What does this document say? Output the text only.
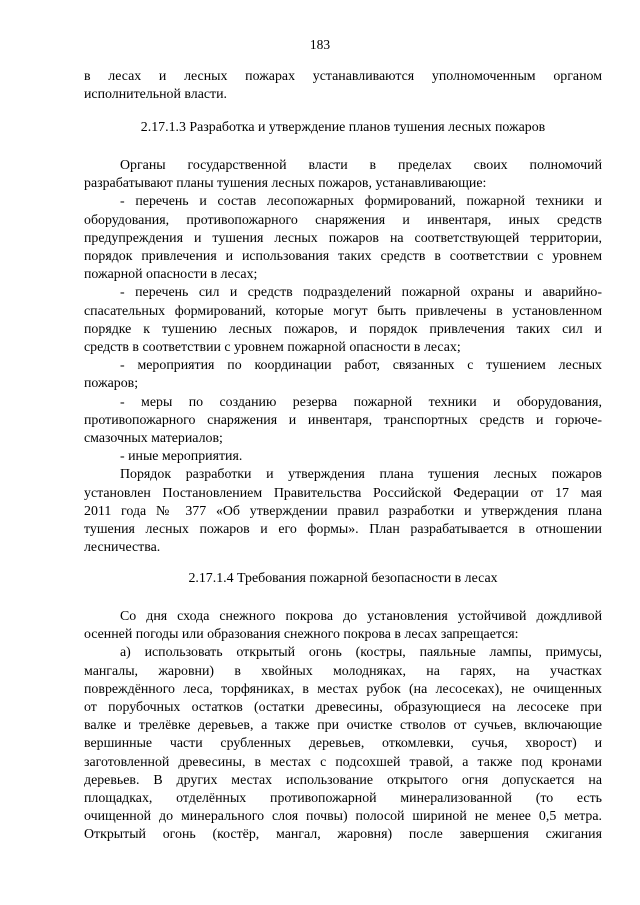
183
в лесах и лесных пожарах устанавливаются уполномоченным органом
исполнительной власти.
2.17.1.3 Разработка и утверждение планов тушения лесных пожаров
Органы государственной власти в пределах своих полномочий
разрабатывают планы тушения лесных пожаров, устанавливающие:
- перечень и состав лесопожарных формирований, пожарной техники и
оборудования, противопожарного снаряжения и инвентаря, иных средств
предупреждения и тушения лесных пожаров на соответствующей территории,
порядок привлечения и использования таких средств в соответствии с уровнем
пожарной опасности в лесах;
- перечень сил и средств подразделений пожарной охраны и аварийно-
спасательных формирований, которые могут быть привлечены в установленном
порядке к тушению лесных пожаров, и порядок привлечения таких сил и
средств в соответствии с уровнем пожарной опасности в лесах;
- мероприятия по координации работ, связанных с тушением лесных
пожаров;
- меры по созданию резерва пожарной техники и оборудования,
противопожарного снаряжения и инвентаря, транспортных средств и горюче-
смазочных материалов;
- иные мероприятия.
Порядок разработки и утверждения плана тушения лесных пожаров
установлен Постановлением Правительства Российской Федерации от 17 мая
2011 года № 377 «Об утверждении правил разработки и утверждения плана
тушения лесных пожаров и его формы». План разрабатывается в отношении
лесничества.
2.17.1.4 Требования пожарной безопасности в лесах
Со дня схода снежного покрова до установления устойчивой дождливой
осенней погоды или образования снежного покрова в лесах запрещается:
а) использовать открытый огонь (костры, паяльные лампы, примусы,
мангалы, жаровни) в хвойных молодняках, на гарях, на участках
повреждённого леса, торфяниках, в местах рубок (на лесосеках), не очищенных
от порубочных остатков (остатки древесины, образующиеся на лесосеке при
валке и трелёвке деревьев, а также при очистке стволов от сучьев, включающие
вершинные части срубленных деревьев, откомлевки, сучья, хворост) и
заготовленной древесины, в местах с подсохшей травой, а также под кронами
деревьев. В других местах использование открытого огня допускается на
площадках, отделённых противопожарной минерализованной (то есть
очищенной до минерального слоя почвы) полосой шириной не менее 0,5 метра.
Открытый огонь (костёр, мангал, жаровня) после завершения сжигания
